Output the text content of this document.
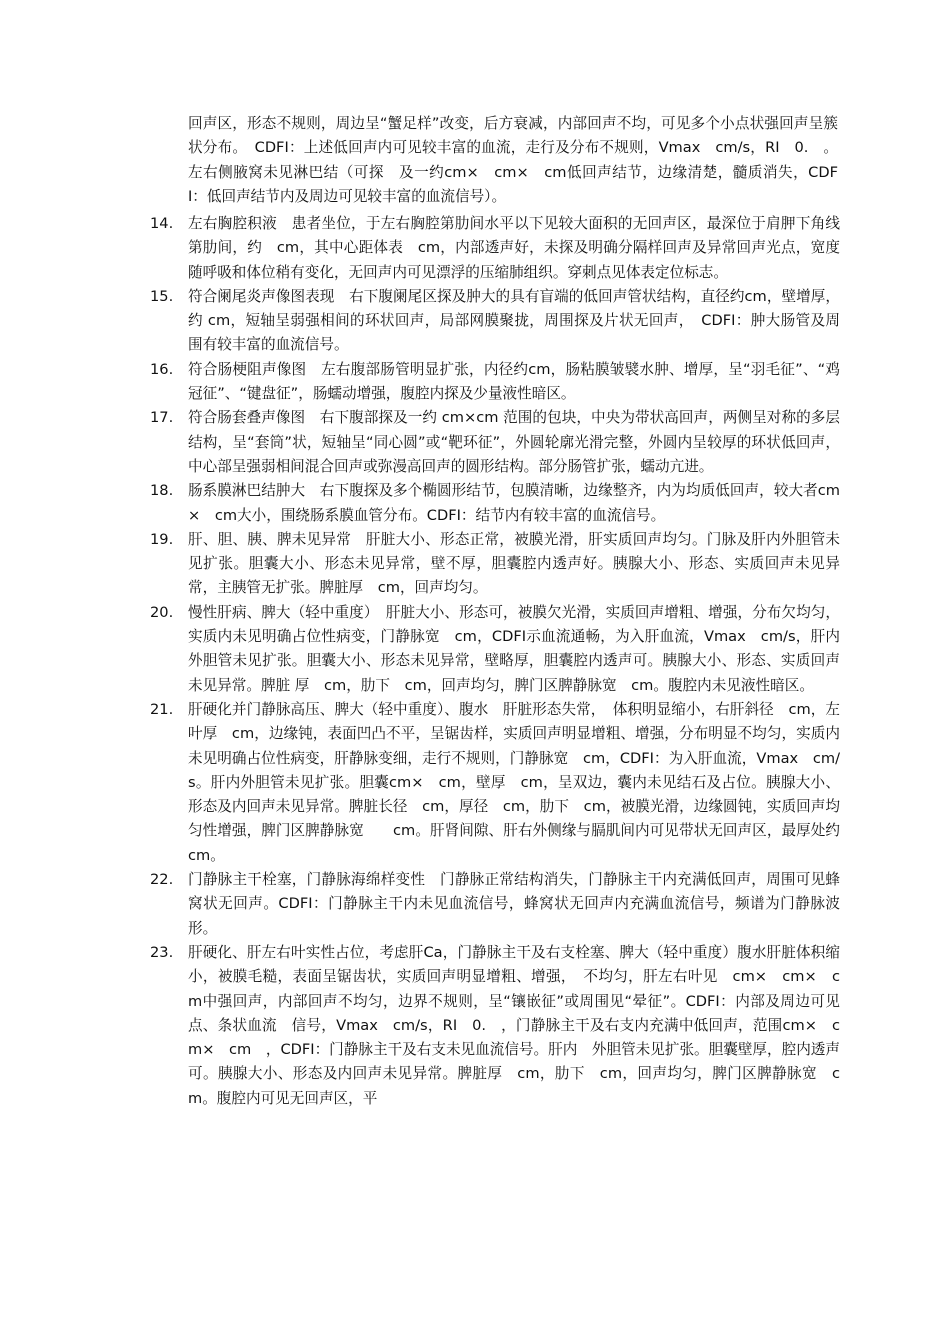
回声区，形态不规则，周边呈“蟹足样”改变，后方衰减，内部回声不均，可见多个小点状强回声呈簇状分布。　CDFI：上述低回声内可见较丰富的血流，走行及分布不规则，Vmax　cm/s，RI　0.　。左右侧腋窝未见淋巴结（可探　及一约cm×　cm×　cm低回声结节，边缘清楚，髓质消失，CDFI：低回声结节内及周边可见较丰富的血流信号）。
14.	左右胸腔积液　患者坐位，于左右胸腔第肋间水平以下见较大面积的无回声区，最深位于肩胛下角线第肋间，约　cm，其中心距体表　cm，内部透声好，未探及明确分隔样回声及异常回声光点，宽度随呼吸和体位稍有变化，无回声内可见漂浮的压缩肺组织。穿刺点见体表定位标志。
15.	符合阑尾炎声像图表现　右下腹阑尾区探及肿大的具有盲端的低回声管状结构，直径约cm，壁增厚，约 cm，短轴呈弱强相间的环状回声，局部网膜聚拢，周围探及片状无回声，　CDFI：肿大肠管及周围有较丰富的血流信号。
16.	符合肠梗阻声像图　左右腹部肠管明显扩张，内径约cm，肠粘膜皱襞水肿、增厚，呈“羽毛征”、“鸡冠征”、“键盘征”，肠蠕动增强，腹腔内探及少量液性暗区。
17.	符合肠套叠声像图　右下腹部探及一约 cm×cm 范围的包块，中央为带状高回声，两侧呈对称的多层结构，呈“套筒”状，短轴呈“同心圆”或“靶环征”，外圆轮廓光滑完整，外圆内呈较厚的环状低回声，中心部呈强弱相间混合回声或弥漫高回声的圆形结构。部分肠管扩张，蠕动亢进。
18.	肠系膜淋巴结肿大　右下腹探及多个椭圆形结节，包膜清晰，边缘整齐，内为均质低回声，较大者cm×　cm大小，围绕肠系膜血管分布。CDFI：结节内有较丰富的血流信号。
19.	肝、胆、胰、脾未见异常　肝脏大小、形态正常，被膜光滑，肝实质回声均匀。门脉及肝内外胆管未见扩张。胆囊大小、形态未见异常，壁不厚，胆囊腔内透声好。胰腺大小、形态、实质回声未见异常，主胰管无扩张。脾脏厚　cm，回声均匀。
20.	慢性肝病、脾大（轻中重度）　肝脏大小、形态可，被膜欠光滑，实质回声增粗、增强，分布欠均匀，实质内未见明确占位性病变，门静脉宽　cm，CDFI示血流通畅，为入肝血流，Vmax　cm/s，肝内外胆管未见扩张。胆囊大小、形态未见异常，壁略厚，胆囊腔内透声可。胰腺大小、形态、实质回声未见异常。脾脏 厚　cm，肋下　cm，回声均匀，脾门区脾静脉宽　cm。腹腔内未见液性暗区。
21.	肝硬化并门静脉高压、脾大（轻中重度）、腹水　肝脏形态失常，　体积明显缩小，右肝斜径　cm，左叶厚　cm，边缘钝，表面凹凸不平，呈锯齿样，实质回声明显增粗、增强，分布明显不均匀，实质内未见明确占位性病变，肝静脉变细，走行不规则，门静脉宽　cm，CDFI：为入肝血流，Vmax　cm/s。肝内外胆管未见扩张。胆囊cm×　cm，壁厚　cm，呈双边，囊内未见结石及占位。胰腺大小、形态及内回声未见异常。脾脏长径　cm，厚径　cm，肋下　cm，被膜光滑，边缘圆钝，实质回声均匀性增强，脾门区脾静脉宽　　cm。肝肾间隙、肝右外侧缘与膈肌间内可见带状无回声区，最厚处约　cm。
22.	门静脉主干栓塞，门静脉海绵样变性　门静脉正常结构消失，门静脉主干内充满低回声，周围可见蜂窝状无回声。CDFI：门静脉主干内未见血流信号，蜂窝状无回声内充满血流信号，频谱为门静脉波形。
23.	肝硬化、肝左右叶实性占位，考虑肝Ca，门静脉主干及右支栓塞、脾大（轻中重度）腹水肝脏体积缩小，被膜毛糙，表面呈锯齿状，实质回声明显增粗、增强，　不均匀，肝左右叶见　cm×　cm×　cm中强回声，内部回声不均匀，边界不规则，呈“镶嵌征”或周围见“晕征”。CDFI：内部及周边可见点、条状血流　信号，Vmax　cm/s，RI　0.　，门静脉主干及右支内充满中低回声，范围cm×　cm×　cm　，CDFI：门静脉主干及右支未见血流信号。肝内　外胆管未见扩张。胆囊壁厚，腔内透声可。胰腺大小、形态及内回声未见异常。脾脏厚　cm，肋下　cm，回声均匀，脾门区脾静脉宽　cm。腹腔内可见无回声区，平
